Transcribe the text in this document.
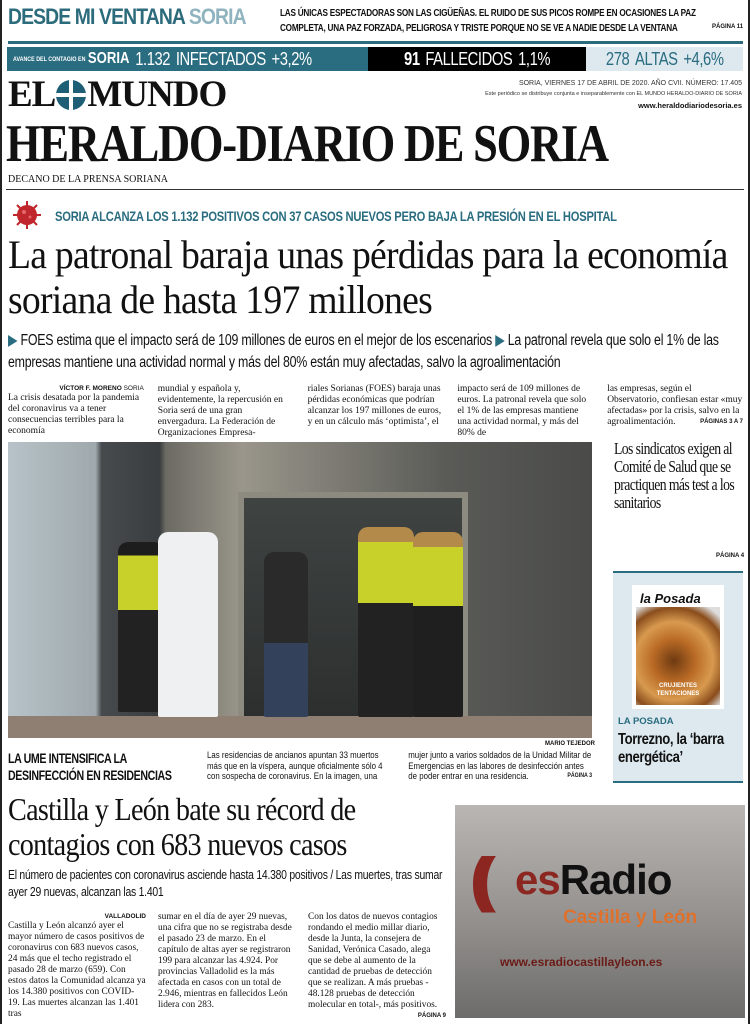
DESDE MI VENTANA SORIA	LAS ÚNICAS ESPECTADORAS SON LAS CIGÜEÑAS. EL RUIDO DE SUS PICOS ROMPE EN OCASIONES LA PAZ COMPLETA, UNA PAZ FORZADA, PELIGROSA Y TRISTE PORQUE NO SE VE A NADIE DESDE LA VENTANA	PÁGINA 11
AVANCE DEL CONTAGIO EN SORIA 1.132 INFECTADOS +3,2%	91 FALLECIDOS 1,1%	278 ALTAS +4,6%
EL MUNDO	SORIA, VIERNES 17 DE ABRIL DE 2020. AÑO CVII. NÚMERO: 17.405
Este periódico se distribuye conjunta e inseparablemente con EL MUNDO HERALDO-DIARIO DE SORIA
www.heraldodiariodesoria.es
HERALDO-DIARIO DE SORIA
DECANO DE LA PRENSA SORIANA
SORIA ALCANZA LOS 1.132 POSITIVOS CON 37 CASOS NUEVOS PERO BAJA LA PRESIÓN EN EL HOSPITAL
La patronal baraja unas pérdidas para la economía soriana de hasta 197 millones
▶ FOES estima que el impacto será de 109 millones de euros en el mejor de los escenarios ▶ La patronal revela que solo el 1% de las empresas mantiene una actividad normal y más del 80% están muy afectadas, salvo la agroalimentación
VÍCTOR F. MORENO SORIA
La crisis desatada por la pandemia del coronavirus va a tener consecuencias terribles para la economía
mundial y española y, evidentemente, la repercusión en Soria será de una gran envergadura. La Federación de Organizaciones Empresa-
riales Sorianas (FOES) baraja unas pérdidas económicas que podrían alcanzar los 197 millones de euros, y en un cálculo más ‘optimista’, el
impacto será de 109 millones de euros. La patronal revela que solo el 1% de las empresas mantiene una actividad normal, y más del 80% de
las empresas, según el Observatorio, confiesan estar «muy afectadas» por la crisis, salvo en la agroalimentación.	PÁGINAS 3 A 7
MARIO TEJEDOR
LA UME INTENSIFICA LA DESINFECCIÓN EN RESIDENCIAS
Las residencias de ancianos apuntan 33 muertos más que en la víspera, aunque oficialmente sólo 4 con sospecha de coronavirus. En la imagen, una mujer junto a varios soldados de la Unidad Militar de Emergencias en las labores de desinfección antes de poder entrar en una residencia.	PÁGINA 3
Los sindicatos exigen al Comité de Salud que se practiquen más test a los sanitarios
PÁGINA 4
la Posada
CRUJIENTES TENTACIONES
LA POSADA
Torrezno, la ‘barra energética’
Castilla y León bate su récord de contagios con 683 nuevos casos
El número de pacientes con coronavirus asciende hasta 14.380 positivos / Las muertes, tras sumar ayer 29 nuevas, alcanzan las 1.401
VALLADOLID
Castilla y León alcanzó ayer el mayor número de casos positivos de coronavirus con 683 nuevos casos, 24 más que el techo registrado el pasado 28 de marzo (659). Con estos datos la Comunidad alcanza ya los 14.380 positivos con COVID-19. Las muertes alcanzan las 1.401 tras
sumar en el día de ayer 29 nuevas, una cifra que no se registraba desde el pasado 23 de marzo. En el capítulo de altas ayer se registraron 199 para alcanzar las 4.924. Por provincias Valladolid es la más afectada en casos con un total de 2.946, mientras en fallecidos León lidera con 283.
Con los datos de nuevos contagios rondando el medio millar diario, desde la Junta, la consejera de Sanidad, Verónica Casado, alega que se debe al aumento de la cantidad de pruebas de detección que se realizan. A más pruebas - 48.128 pruebas de detección molecular en total-, más positivos.
PÁGINA 9
(( esRadio
Castilla y León
www.esradiocastillayleon.es
